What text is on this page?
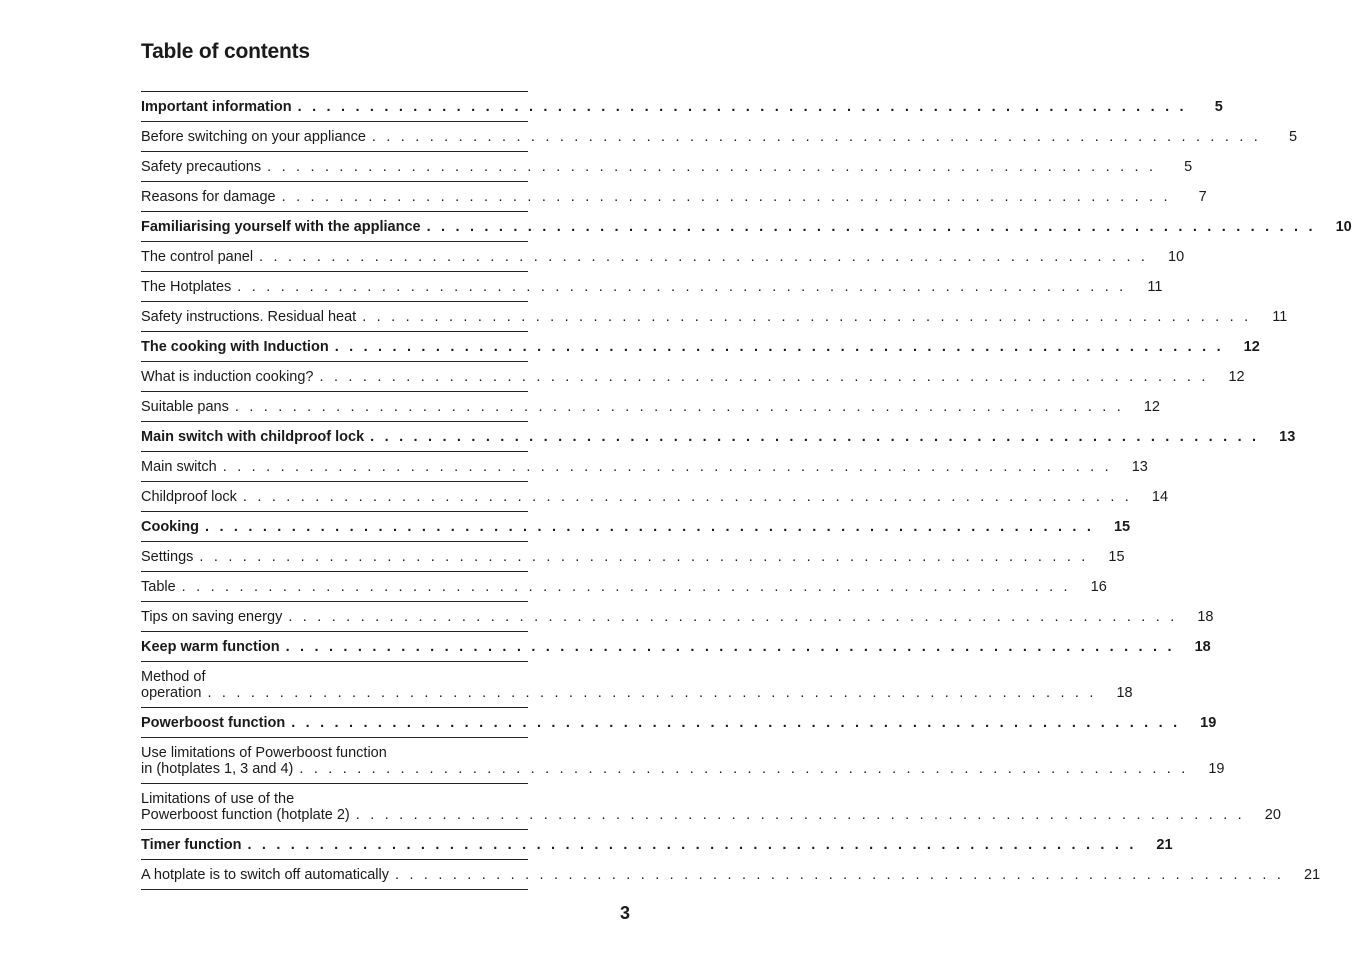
Table of contents
Important information . . . . . . . . . . . . . . . . . . . . . . . . . . . . . . . . . . . . . . . . . . . . . . . . . . . . . . . . . . . . . .	5
Before switching on your appliance . . . . . . . . . . . . . . . . . . . . . . . . . . . . . . . . . . . . . . . . . . . . . . . . . . . . . . . . . . . . . .	5
Safety precautions . . . . . . . . . . . . . . . . . . . . . . . . . . . . . . . . . . . . . . . . . . . . . . . . . . . . . . . . . . . . . .	5
Reasons for damage . . . . . . . . . . . . . . . . . . . . . . . . . . . . . . . . . . . . . . . . . . . . . . . . . . . . . . . . . . . . . .	7
Familiarising yourself with the appliance . . . . . . . . . . . . . . . . . . . . . . . . . . . . . . . . . . . . . . . . . . . . . . . . . . . . . . . . . . . . . .	10
The control panel . . . . . . . . . . . . . . . . . . . . . . . . . . . . . . . . . . . . . . . . . . . . . . . . . . . . . . . . . . . . . .	10
The Hotplates . . . . . . . . . . . . . . . . . . . . . . . . . . . . . . . . . . . . . . . . . . . . . . . . . . . . . . . . . . . . . .	11
Safety instructions. Residual heat . . . . . . . . . . . . . . . . . . . . . . . . . . . . . . . . . . . . . . . . . . . . . . . . . . . . . . . . . . . . . .	11
The cooking with Induction . . . . . . . . . . . . . . . . . . . . . . . . . . . . . . . . . . . . . . . . . . . . . . . . . . . . . . . . . . . . . .	12
What is induction cooking? . . . . . . . . . . . . . . . . . . . . . . . . . . . . . . . . . . . . . . . . . . . . . . . . . . . . . . . . . . . . . .	12
Suitable pans . . . . . . . . . . . . . . . . . . . . . . . . . . . . . . . . . . . . . . . . . . . . . . . . . . . . . . . . . . . . . .	12
Main switch with childproof lock . . . . . . . . . . . . . . . . . . . . . . . . . . . . . . . . . . . . . . . . . . . . . . . . . . . . . . . . . . . . . .	13
Main switch . . . . . . . . . . . . . . . . . . . . . . . . . . . . . . . . . . . . . . . . . . . . . . . . . . . . . . . . . . . . . .	13
Childproof lock . . . . . . . . . . . . . . . . . . . . . . . . . . . . . . . . . . . . . . . . . . . . . . . . . . . . . . . . . . . . . .	14
Cooking . . . . . . . . . . . . . . . . . . . . . . . . . . . . . . . . . . . . . . . . . . . . . . . . . . . . . . . . . . . . . .	15
Settings . . . . . . . . . . . . . . . . . . . . . . . . . . . . . . . . . . . . . . . . . . . . . . . . . . . . . . . . . . . . . .	15
Table . . . . . . . . . . . . . . . . . . . . . . . . . . . . . . . . . . . . . . . . . . . . . . . . . . . . . . . . . . . . . .	16
Tips on saving energy . . . . . . . . . . . . . . . . . . . . . . . . . . . . . . . . . . . . . . . . . . . . . . . . . . . . . . . . . . . . . .	18
Keep warm function . . . . . . . . . . . . . . . . . . . . . . . . . . . . . . . . . . . . . . . . . . . . . . . . . . . . . . . . . . . . . .	18
Method of
operation . . . . . . . . . . . . . . . . . . . . . . . . . . . . . . . . . . . . . . . . . . . . . . . . . . . . . . . . . . . . . .	18
Powerboost function . . . . . . . . . . . . . . . . . . . . . . . . . . . . . . . . . . . . . . . . . . . . . . . . . . . . . . . . . . . . . .	19
Use limitations of Powerboost function
in (hotplates 1, 3 and 4) . . . . . . . . . . . . . . . . . . . . . . . . . . . . . . . . . . . . . . . . . . . . . . . . . . . . . . . . . . . . . .	19
Limitations of use of the
Powerboost function (hotplate 2) . . . . . . . . . . . . . . . . . . . . . . . . . . . . . . . . . . . . . . . . . . . . . . . . . . . . . . . . . . . . . .	20
Timer function . . . . . . . . . . . . . . . . . . . . . . . . . . . . . . . . . . . . . . . . . . . . . . . . . . . . . . . . . . . . . .	21
A hotplate is to switch off automatically . . . . . . . . . . . . . . . . . . . . . . . . . . . . . . . . . . . . . . . . . . . . . . . . . . . . . . . . . . . . . .	21
3
